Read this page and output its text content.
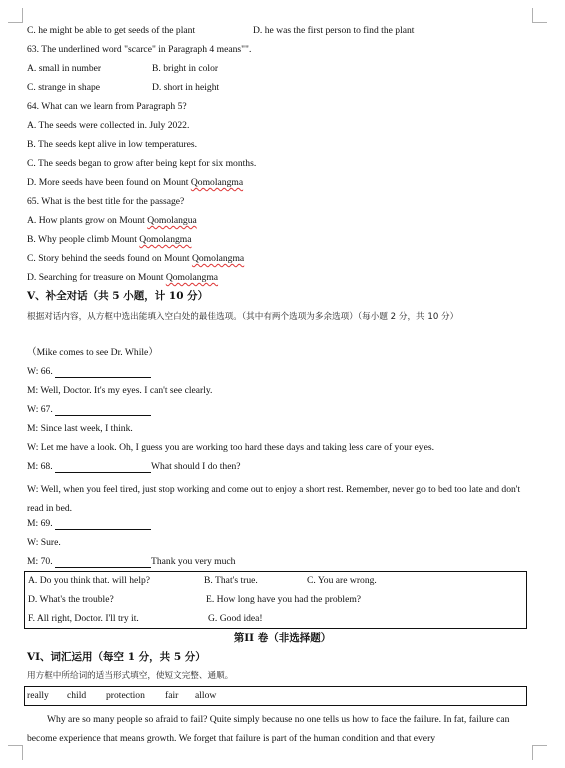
C. he might be able to get seeds of the plant	D. he was the first person to find the plant
63. The underlined word "scarce" in Paragraph 4 means"".
A. small in number	B. bright in color
C. strange in shape	D. short in height
64. What can we learn from Paragraph 5?
A. The seeds were collected in. July 2022.
B. The seeds kept alive in low temperatures.
C. The seeds began to grow after being kept for six months.
D. More seeds have been found on Mount Qomolangma
65. What is the best title for the passage?
A. How plants grow on Mount Qomolangua
B. Why people climb Mount Qomolangma
C. Story behind the seeds found on Mount Qomolangma
D. Searching for treasure on Mount Qomolangma
V、补全对话（共 5 小题，计 10 分）
根据对话内容，从方框中选出能填入空白处的最佳选项。（其中有两个选项为多余选项）（每小题 2 分，共 10 分）
（Mike comes to see Dr. While）
W: 66.
M: Well, Doctor. It's my eyes. I can't see clearly.
W: 67.
M: Since last week, I think.
W: Let me have a look. Oh, I guess you are working too hard these days and taking less care of your eyes.
M: 68.	What should I do then?
W: Well, when you feel tired, just stop working and come out to enjoy a short rest. Remember, never go to bed too late and don't read in bed.
M: 69.
W: Sure.
M: 70.	Thank you very much
A. Do you think that. will help?	B. That's true.	C. You are wrong.
D. What's the trouble?	E. How long have you had the problem?
F. All right, Doctor. I'll try it.	G. Good idea!
第II 卷（非选择题）
VI、词汇运用（每空 1 分，共 5 分）
用方框中所给词的适当形式填空，使短文完整、通顺。
really child protection fair allow
Why are so many people so afraid to fail? Quite simply because no one tells us how to face the failure. In fat, failure can become experience that means growth. We forget that failure is part of the human condition and that every
